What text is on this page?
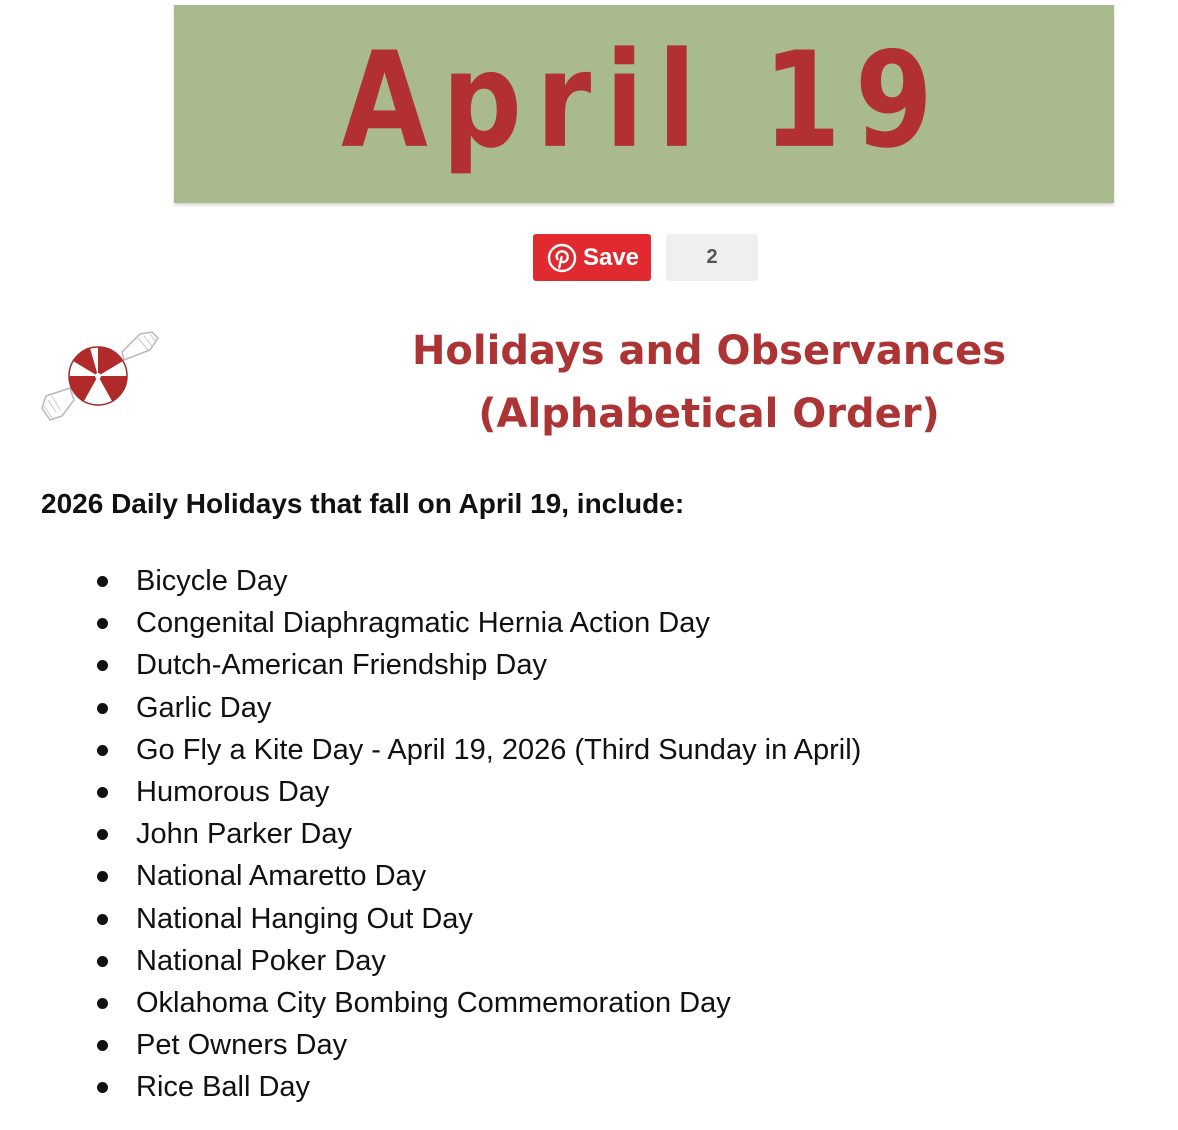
April 19
Save	2
Holidays and Observances
(Alphabetical Order)
2026 Daily Holidays that fall on April 19, include:
Bicycle Day
Congenital Diaphragmatic Hernia Action Day
Dutch-American Friendship Day
Garlic Day
Go Fly a Kite Day - April 19, 2026 (Third Sunday in April)
Humorous Day
John Parker Day
National Amaretto Day
National Hanging Out Day
National Poker Day
Oklahoma City Bombing Commemoration Day
Pet Owners Day
Rice Ball Day
